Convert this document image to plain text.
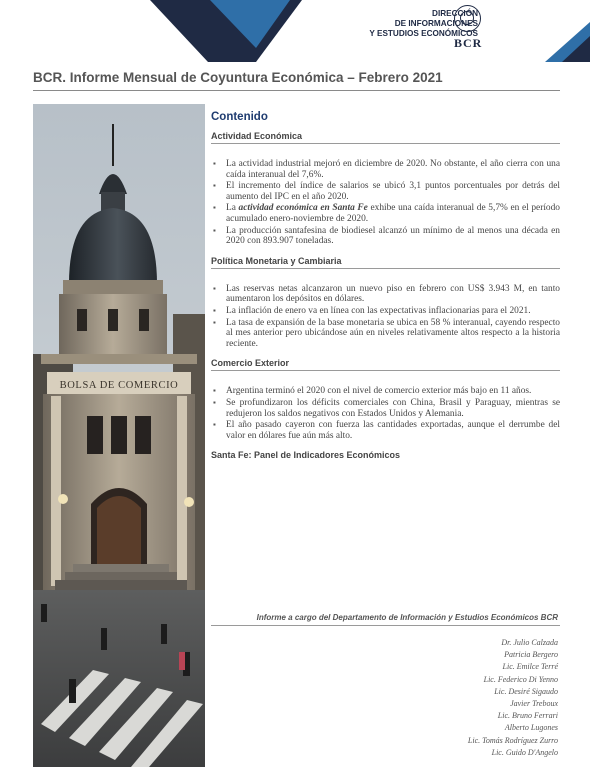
DIRECCIÓN
DE INFORMACIONES
Y ESTUDIOS ECONÓMICOS
BCR
BCR. Informe Mensual de Coyuntura Económica – Febrero 2021
BOLSA DE COMERCIO
Contenido
Actividad Económica
▪ La actividad industrial mejoró en diciembre de 2020. No obstante, el año cierra con una caída interanual del 7,6%.
▪ El incremento del índice de salarios se ubicó 3,1 puntos porcentuales por detrás del aumento del IPC en el año 2020.
▪ La actividad económica en Santa Fe exhibe una caída interanual de 5,7% en el período acumulado enero-noviembre de 2020.
▪ La producción santafesina de biodiesel alcanzó un mínimo de al menos una década en 2020 con 893.907 toneladas.
Política Monetaria y Cambiaria
▪ Las reservas netas alcanzaron un nuevo piso en febrero con US$ 3.943 M, en tanto aumentaron los depósitos en dólares.
▪ La inflación de enero va en línea con las expectativas inflacionarias para el 2021.
▪ La tasa de expansión de la base monetaria se ubica en 58 % interanual, cayendo respecto al mes anterior pero ubicándose aún en niveles relativamente altos respecto a la historia reciente.
Comercio Exterior
▪ Argentina terminó el 2020 con el nivel de comercio exterior más bajo en 11 años.
▪ Se profundizaron los déficits comerciales con China, Brasil y Paraguay, mientras se redujeron los saldos negativos con Estados Unidos y Alemania.
▪ El año pasado cayeron con fuerza las cantidades exportadas, aunque el derrumbe del valor en dólares fue aún más alto.
Santa Fe: Panel de Indicadores Económicos
Informe a cargo del Departamento de Información y Estudios Económicos BCR
Dr. Julio Calzada
Patricia Bergero
Lic. Emilce Terré
Lic. Federico Di Yenno
Lic. Desiré Sigaudo
Javier Treboux
Lic. Bruno Ferrari
Alberto Lugones
Lic. Tomás Rodríguez Zurro
Lic. Guido D'Angelo
